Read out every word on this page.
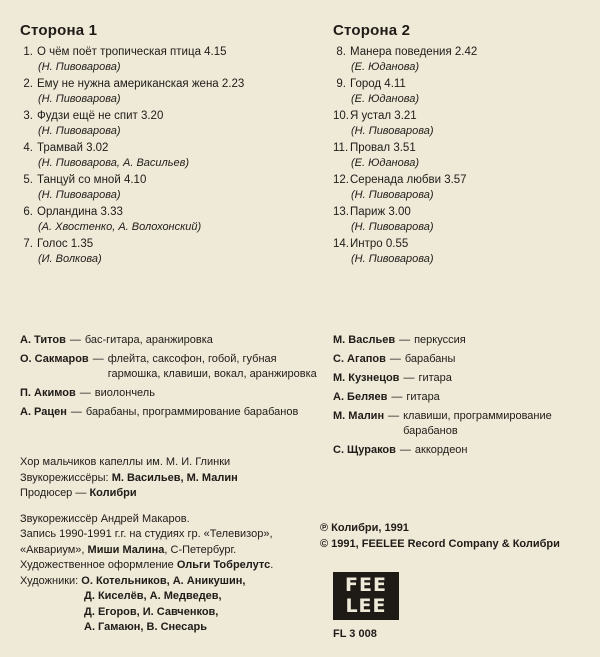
Сторона 1
1. О чём поёт тропическая птица 4.15
(Н. Пивоварова)
2. Ему не нужна американская жена 2.23
(Н. Пивоварова)
3. Фудзи ещё не спит 3.20
(Н. Пивоварова)
4. Трамвай 3.02
(Н. Пивоварова, А. Васильев)
5. Танцуй со мной 4.10
(Н. Пивоварова)
6. Орландина 3.33
(А. Хвостенко, А. Волохонский)
7. Голос 1.35
(И. Волкова)
Сторона 2
8. Манера поведения 2.42
(Е. Юданова)
9. Город 4.11
(Е. Юданова)
10.Я устал 3.21
(Н. Пивоварова)
11. Провал 3.51
(Е. Юданова)
12.Серенада любви 3.57
(Н. Пивоварова)
13.Париж 3.00
(Н. Пивоварова)
14.Интро 0.55
(Н. Пивоварова)
А. Титов — бас-гитара, аранжировка
О. Сакмаров — флейта, саксофон, гобой, губная гармошка, клавиши, вокал, аранжировка
П. Акимов — виолончель
А. Рацен — барабаны, программирование барабанов
М. Васльев — перкуссия
С. Агапов — барабаны
М. Кузнецов — гитара
А. Беляев — гитара
М. Малин — клавиши, программирование барабанов
С. Щураков — аккордеон
Хор мальчиков капеллы им. М. И. Глинки
Звукорежиссёры: М. Васильев, М. Малин
Продюсер — Колибри
Звукорежиссёр Андрей Макаров.
Запись 1990-1991 г.г. на студиях гр. «Телевизор»,
«Аквариум», Миши Малина, С-Петербург.
Художественное оформление Ольги Тобрелутс.
Художники: О. Котельников, А. Аникушин,
Д. Киселёв, А. Медведев,
Д. Егоров, И. Савченков,
А. Гамаюн, В. Снесарь
℗ Колибри, 1991
© 1991, FEELEE Record Company & Колибри
FEE
LEE
FL 3 008
